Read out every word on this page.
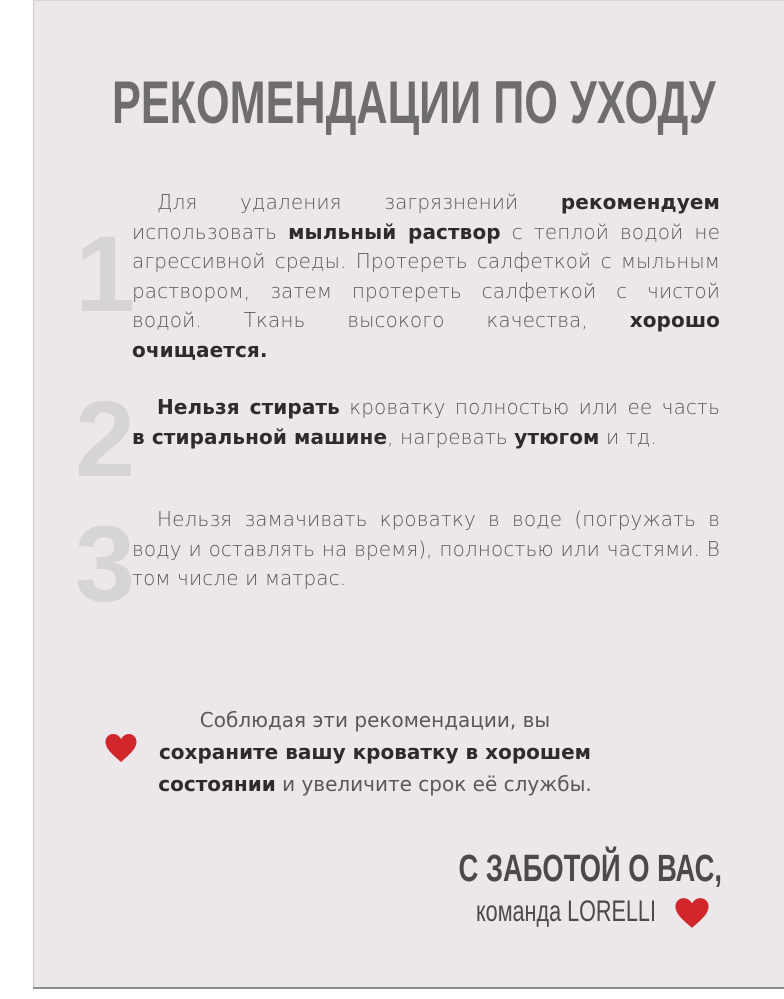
РЕКОМЕНДАЦИИ ПО УХОДУ
1
Для удаления загрязнений рекомендуем использовать мыльный раствор с теплой водой не агрессивной среды. Протереть салфеткой с мыльным раствором, затем протереть салфеткой с чистой водой. Ткань высокого качества, хорошо очищается.
2	Нельзя стирать кроватку полностью или ее часть в стиральной машине, нагревать утюгом и тд.
3	Нельзя замачивать кроватку в воде (погружать в воду и оставлять на время), полностью или частями. В том числе и матрас.
Соблюдая эти рекомендации, вы
сохраните вашу кроватку в хорошем состоянии и увеличите срок её службы.
С ЗАБОТОЙ О ВАС,
команда LORELLI
